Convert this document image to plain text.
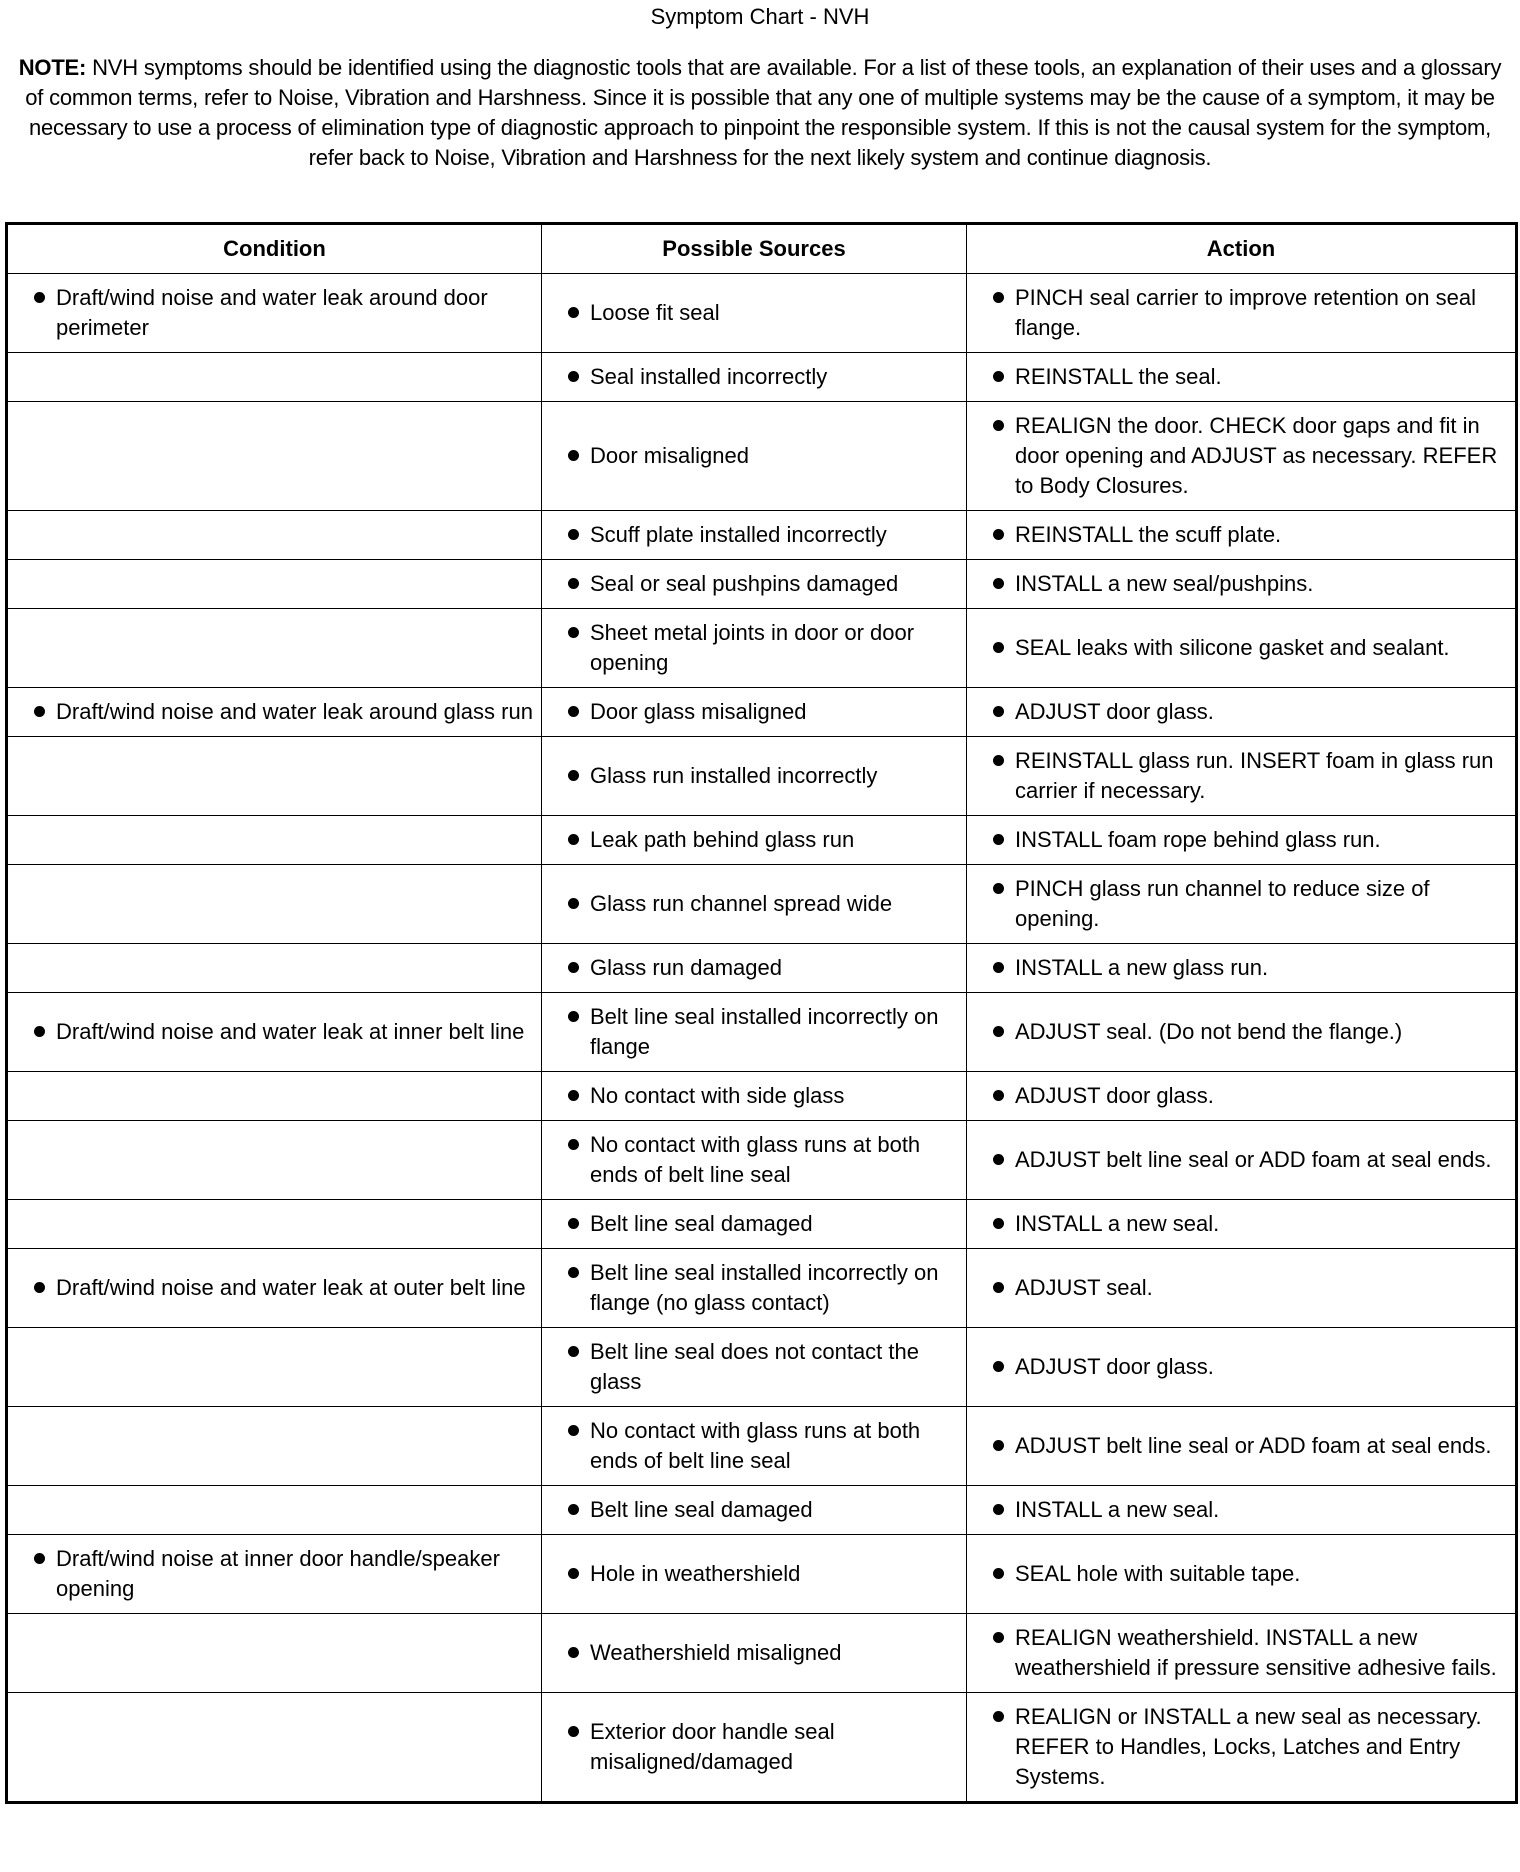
Symptom Chart - NVH
NOTE: NVH symptoms should be identified using the diagnostic tools that are available. For a list of these tools, an explanation of their uses and a glossary of common terms, refer to Noise, Vibration and Harshness. Since it is possible that any one of multiple systems may be the cause of a symptom, it may be necessary to use a process of elimination type of diagnostic approach to pinpoint the responsible system. If this is not the causal system for the symptom, refer back to Noise, Vibration and Harshness for the next likely system and continue diagnosis.
Condition	Possible Sources	Action

Draft/wind noise and water leak around door perimeter	Loose fit seal	PINCH seal carrier to improve retention on seal flange.

	Seal installed incorrectly	REINSTALL the seal.

	Door misaligned	REALIGN the door. CHECK door gaps and fit in door opening and ADJUST as necessary. REFER to Body Closures.

	Scuff plate installed incorrectly	REINSTALL the scuff plate.

	Seal or seal pushpins damaged	INSTALL a new seal/pushpins.

	Sheet metal joints in door or door opening	SEAL leaks with silicone gasket and sealant.

Draft/wind noise and water leak around glass run	Door glass misaligned	ADJUST door glass.

	Glass run installed incorrectly	REINSTALL glass run. INSERT foam in glass run carrier if necessary.

	Leak path behind glass run	INSTALL foam rope behind glass run.

	Glass run channel spread wide	PINCH glass run channel to reduce size of opening.

	Glass run damaged	INSTALL a new glass run.

Draft/wind noise and water leak at inner belt line	Belt line seal installed incorrectly on flange	ADJUST seal. (Do not bend the flange.)

	No contact with side glass	ADJUST door glass.

	No contact with glass runs at both ends of belt line seal	ADJUST belt line seal or ADD foam at seal ends.

	Belt line seal damaged	INSTALL a new seal.

Draft/wind noise and water leak at outer belt line	Belt line seal installed incorrectly on flange (no glass contact)	ADJUST seal.

	Belt line seal does not contact the glass	ADJUST door glass.

	No contact with glass runs at both ends of belt line seal	ADJUST belt line seal or ADD foam at seal ends.

	Belt line seal damaged	INSTALL a new seal.

Draft/wind noise at inner door handle/speaker opening	Hole in weathershield	SEAL hole with suitable tape.

	Weathershield misaligned	REALIGN weathershield. INSTALL a new weathershield if pressure sensitive adhesive fails.

	Exterior door handle seal misaligned/damaged	REALIGN or INSTALL a new seal as necessary. REFER to Handles, Locks, Latches and Entry Systems.
